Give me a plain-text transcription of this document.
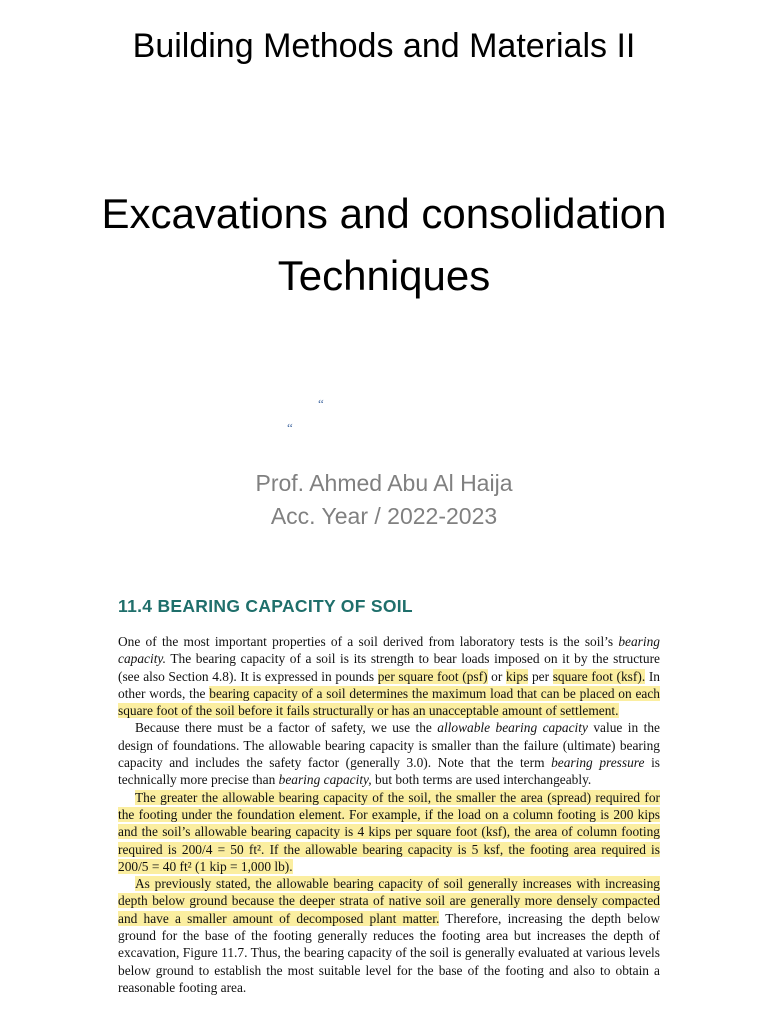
Building Methods and Materials II
Excavations and consolidation
Techniques
“
“
Prof. Ahmed Abu Al Haija
Acc. Year / 2022-2023
11.4 BEARING CAPACITY OF SOIL

One of the most important properties of a soil derived from laboratory tests is the soil’s bearing capacity. The bearing capacity of a soil is its strength to bear loads imposed on it by the structure (see also Section 4.8). It is expressed in pounds per square foot (psf) or kips per square foot (ksf). In other words, the bearing capacity of a soil determines the maximum load that can be placed on each square foot of the soil before it fails structurally or has an unacceptable amount of settlement.

Because there must be a factor of safety, we use the allowable bearing capacity value in the design of foundations. The allowable bearing capacity is smaller than the failure (ultimate) bearing capacity and includes the safety factor (generally 3.0). Note that the term bearing pressure is technically more precise than bearing capacity, but both terms are used interchangeably.

The greater the allowable bearing capacity of the soil, the smaller the area (spread) required for the footing under the foundation element. For example, if the load on a column footing is 200 kips and the soil’s allowable bearing capacity is 4 kips per square foot (ksf), the area of column footing required is 200/4 = 50 ft². If the allowable bearing capacity is 5 ksf, the footing area required is 200/5 = 40 ft² (1 kip = 1,000 lb).

As previously stated, the allowable bearing capacity of soil generally increases with increasing depth below ground because the deeper strata of native soil are generally more densely compacted and have a smaller amount of decomposed plant matter. Therefore, increasing the depth below ground for the base of the footing generally reduces the footing area but increases the depth of excavation, Figure 11.7. Thus, the bearing capacity of the soil is generally evaluated at various levels below ground to establish the most suitable level for the base of the footing and also to obtain a reasonable footing area.
